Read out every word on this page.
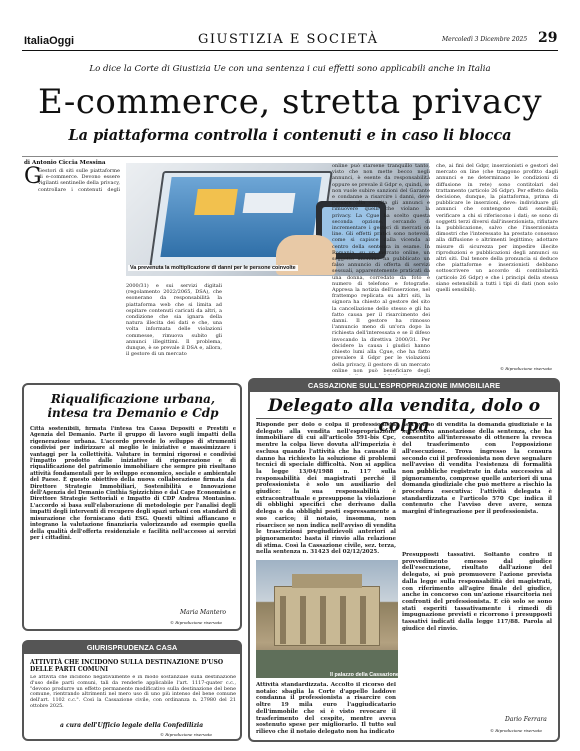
ItaliaOggi	GIUSTIZIA E SOCIETÀ	Mercoledì 3 Dicembre 2025 29
Lo dice la Corte di Giustizia Ue con una sentenza i cui effetti sono applicabili anche in Italia
E-commerce, stretta privacy
La piattaforma controlla i contenuti e in caso li blocca
di Antonio Ciccia Messina
Va prevenuta la moltiplicazione di danni per le persone coinvolte
G
Gestori di siti sulle piattaforme di e-commerce. Devono essere vigilanti sentinelle della privacy, controllare i contenuti degli
2000/31) e sui servizi digitali (regolamento 2022/2065, DSA), che esonerano da responsabilità la piattaforma web che si limita ad ospitare contenuti caricati da altri, a condizione che sia ignara della natura illecita dei dati e che, una volta informata delle violazioni commesse, rimuova subito gli annunci illegittimi. Il problema, dunque, è se prevale il DSA e, allora, il gestore di un mercato
online può starsene tranquillo tanto, visto che non mette becco negli annunci, è esente da responsabilità oppure se prevale il Gdpr e, quindi, se non vuole subire sanzioni del Garante e condanne a risarcire i danni, deve passare alla cernita gli annunci e rimuovere quelli che violano la privacy. La Cgue ha scelto questa seconda opzione, cercando di incrementare i gestori di mercati on line. Gli effetti pratici sono notevoli, come si capisce dalla vicenda al centro della sentenza in esame. In Romania, su un mercato online, un soggetto anonimo ha pubblicato un falso annuncio di offerta di servizi sessuali, apparentemente praticati da una donna, corredato da foto e numero di telefono e fotografie. Appresa la notizia dell'inserzione, nel frattempo replicata su altri siti, la signora ha chiesto al gestore del sito la cancellazione dello stesso e gli ha fatto causa per il risarcimento dei danni. Il gestore ha rimosso l'annuncio meno di un'ora dopo la richiesta dell'interessata e se il difeso invocando la direttiva 2000/31. Per decidere la causa i giudici hanno chiesto lumi alla Cgue, che ha fatto prevalere il Gdpr per le violazioni della privacy, il gestore di un mercato online non può beneficiare degli
che, ai fini del Gdpr, inserzionisti e gestori del mercato on line (che traggono profitto dagli annunci e ne determinano le condizioni di diffusione in rete) sono contitolari del trattamento (articolo 26 Gdpr). Per effetto della decisione, dunque, la piattaforma, prima di pubblicare le inserzioni, deve: individuare gli annunci che contengono dati sensibili; verificare a chi si riferiscono i dati; se sono di soggetti terzi diversi dall'inserzionista, rifiutare la pubblicazione, salvo che l'inserzionista dimostri che l'interessato ha prestato consenso alla diffusione o altrimenti legittimo; adottare misure di sicurezza per impedire illecite riproduzioni e pubblicazioni degli annunci su altri siti. Dal tenore della pronuncia si deduce che piattaforme e inserzionisti debbano sottoscrivere un accordo di contitolarità (articolo 26 Gdpr) e che i principi della stessa siano estensibili a tutti i tipi di dati (non solo quelli sensibili).
© Riproduzione riservata
Riqualificazione urbana, intesa tra Demanio e Cdp
Città sostenibili, firmata l'intesa tra Cassa Depositi e Prestiti e Agenzia del Demanio. Parte il gruppo di lavoro sugli impatti della rigenerazione urbana. L'accordo prevede lo sviluppo di strumenti condivisi per indirizzare al meglio le iniziative e massimizzare i vantaggi per la collettività. Valutare in termini rigorosi e condivisi l'impatto prodotto dalle iniziative di rigenerazione e di riqualificazione del patrimonio immobiliare che sempre più risultano attività fondamentali per lo sviluppo economico, sociale e ambientale del Paese. È questo obiettivo della nuova collaborazione firmata dal Direttore Strategie Immobiliari, Sostenibilità e Innovazione dell'Agenzia del Demanio Cinthia Spizzichino e dal Capo Economista e Direttore Strategie Settoriali e Impatto di CDP Andrea Montanino. L'accordo si basa sull'elaborazione di metodologie per l'analisi degli impatti degli interventi di recupero degli spazi urbani con standard di misurazione che forniscano dati ESG. Questi ultimi affiancano e integrano la valutazione finanziaria valorizzando ad esempio quella della qualità dell'offerta residenziale e facilità nell'accesso ai servizi per i cittadini.
Maria Mantero
© Riproduzione riservata
GIURISPRUDENZA CASA
ATTIVITÀ CHE INCIDONO SULLA DESTINAZIONE D'USO DELLE PARTI COMUNI
Le attività che incidono negativamente e in modo sostanziale sulla destinazione d'uso delle parti comuni, tali da renderle applicabile l'art. 1117-quater c.c., "devono produrre un effetto permanente modificativo sulla destinazione del bene comune, rientrando altrimenti nel mero uso di uno più intenso del bene comune dell'art. 1102 c.c.". Così la Cassazione civile, con ordinanza n. 27980 del 21 ottobre 2025.
a cura dell'Ufficio legale della Confedilizia
© Riproduzione riservata
CASSAZIONE SULL'ESPROPRIAZIONE IMMOBILIARE
Delegato alla vendita, dolo o colpa
Risponde per dolo o colpa il professionista delegato alla vendita nell'espropriazione immobiliare di cui all'articolo 591-bis Cpc, mentre la colpa lieve dovuta all'imperizia è esclusa quando l'attività che ha causato il danno ha richiesto la soluzione di problemi tecnici di speciale difficoltà. Non si applica la legge 13/04/1988 n. 117 sulla responsabilità dei magistrati perché il professionista è solo un ausiliario del giudice: la sua responsabilità è extracontrattuale e presuppone la violazione di obblighi specifici che derivano dalla delega o da obblighi posti espressamente a suo carico; il notaio, insomma, non risarcisce se non indica nell'avviso di vendita le trascrizioni pregiudizievoli anteriori al pignoramento: basta il rinvio alla relazione di stima. Così la Cassazione civile, sez. terza, nella sentenza n. 31423 del 02/12/2025.
nell'avviso di vendita la domanda giudiziale e la successiva annotazione della sentenza, che ha consentito all'interessato di ottenere la revoca del trasferimento con l'opposizione all'esecuzione. Trova ingresso la censura secondo cui il professionista non deve segnalare nell'avviso di vendita l'esistenza di formalità non pubbliche registrate in data successiva al pignoramento, comprese quelle anteriori di una domanda giudiziale che può mettere a rischio la procedura esecutiva: l'attività delegata è standardizzata e l'articolo 570 Cpc indica il contenuto che l'avviso deve avere, senza margini d'integrazione per il professionista.
Il palazzo della Cassazione
Attività standardizzata. Accolto il ricorso del notaio: sbaglia la Corte d'appello laddove condanna il professionista a risarcire con oltre 19 mila euro l'aggiudicatario dell'immobile che si è visto revocare il trasferimento del cespite, mentre aveva sostenuto spese per migliorarlo. Il tutto sul rilievo che il notaio delegato non ha indicato
Presupposti tassativi. Soltanto contro il provvedimento emesso dal giudice dell'esecuzione, risultato dall'azione del delegato, si può promuovere l'azione prevista dalla legge sulla responsabilità dei magistrati, con riferimento all'agire finale del giudice, anche in concorso con un'azione risarcitoria nei confronti del professionista. E ciò solo se sono stati esperiti tassativamente i rimedi di impugnazione previsti e ricorrono i presupposti tassativi indicati dalla legge 117/88. Parola al giudice del rinvio.
Dario Ferrara
© Riproduzione riservata
